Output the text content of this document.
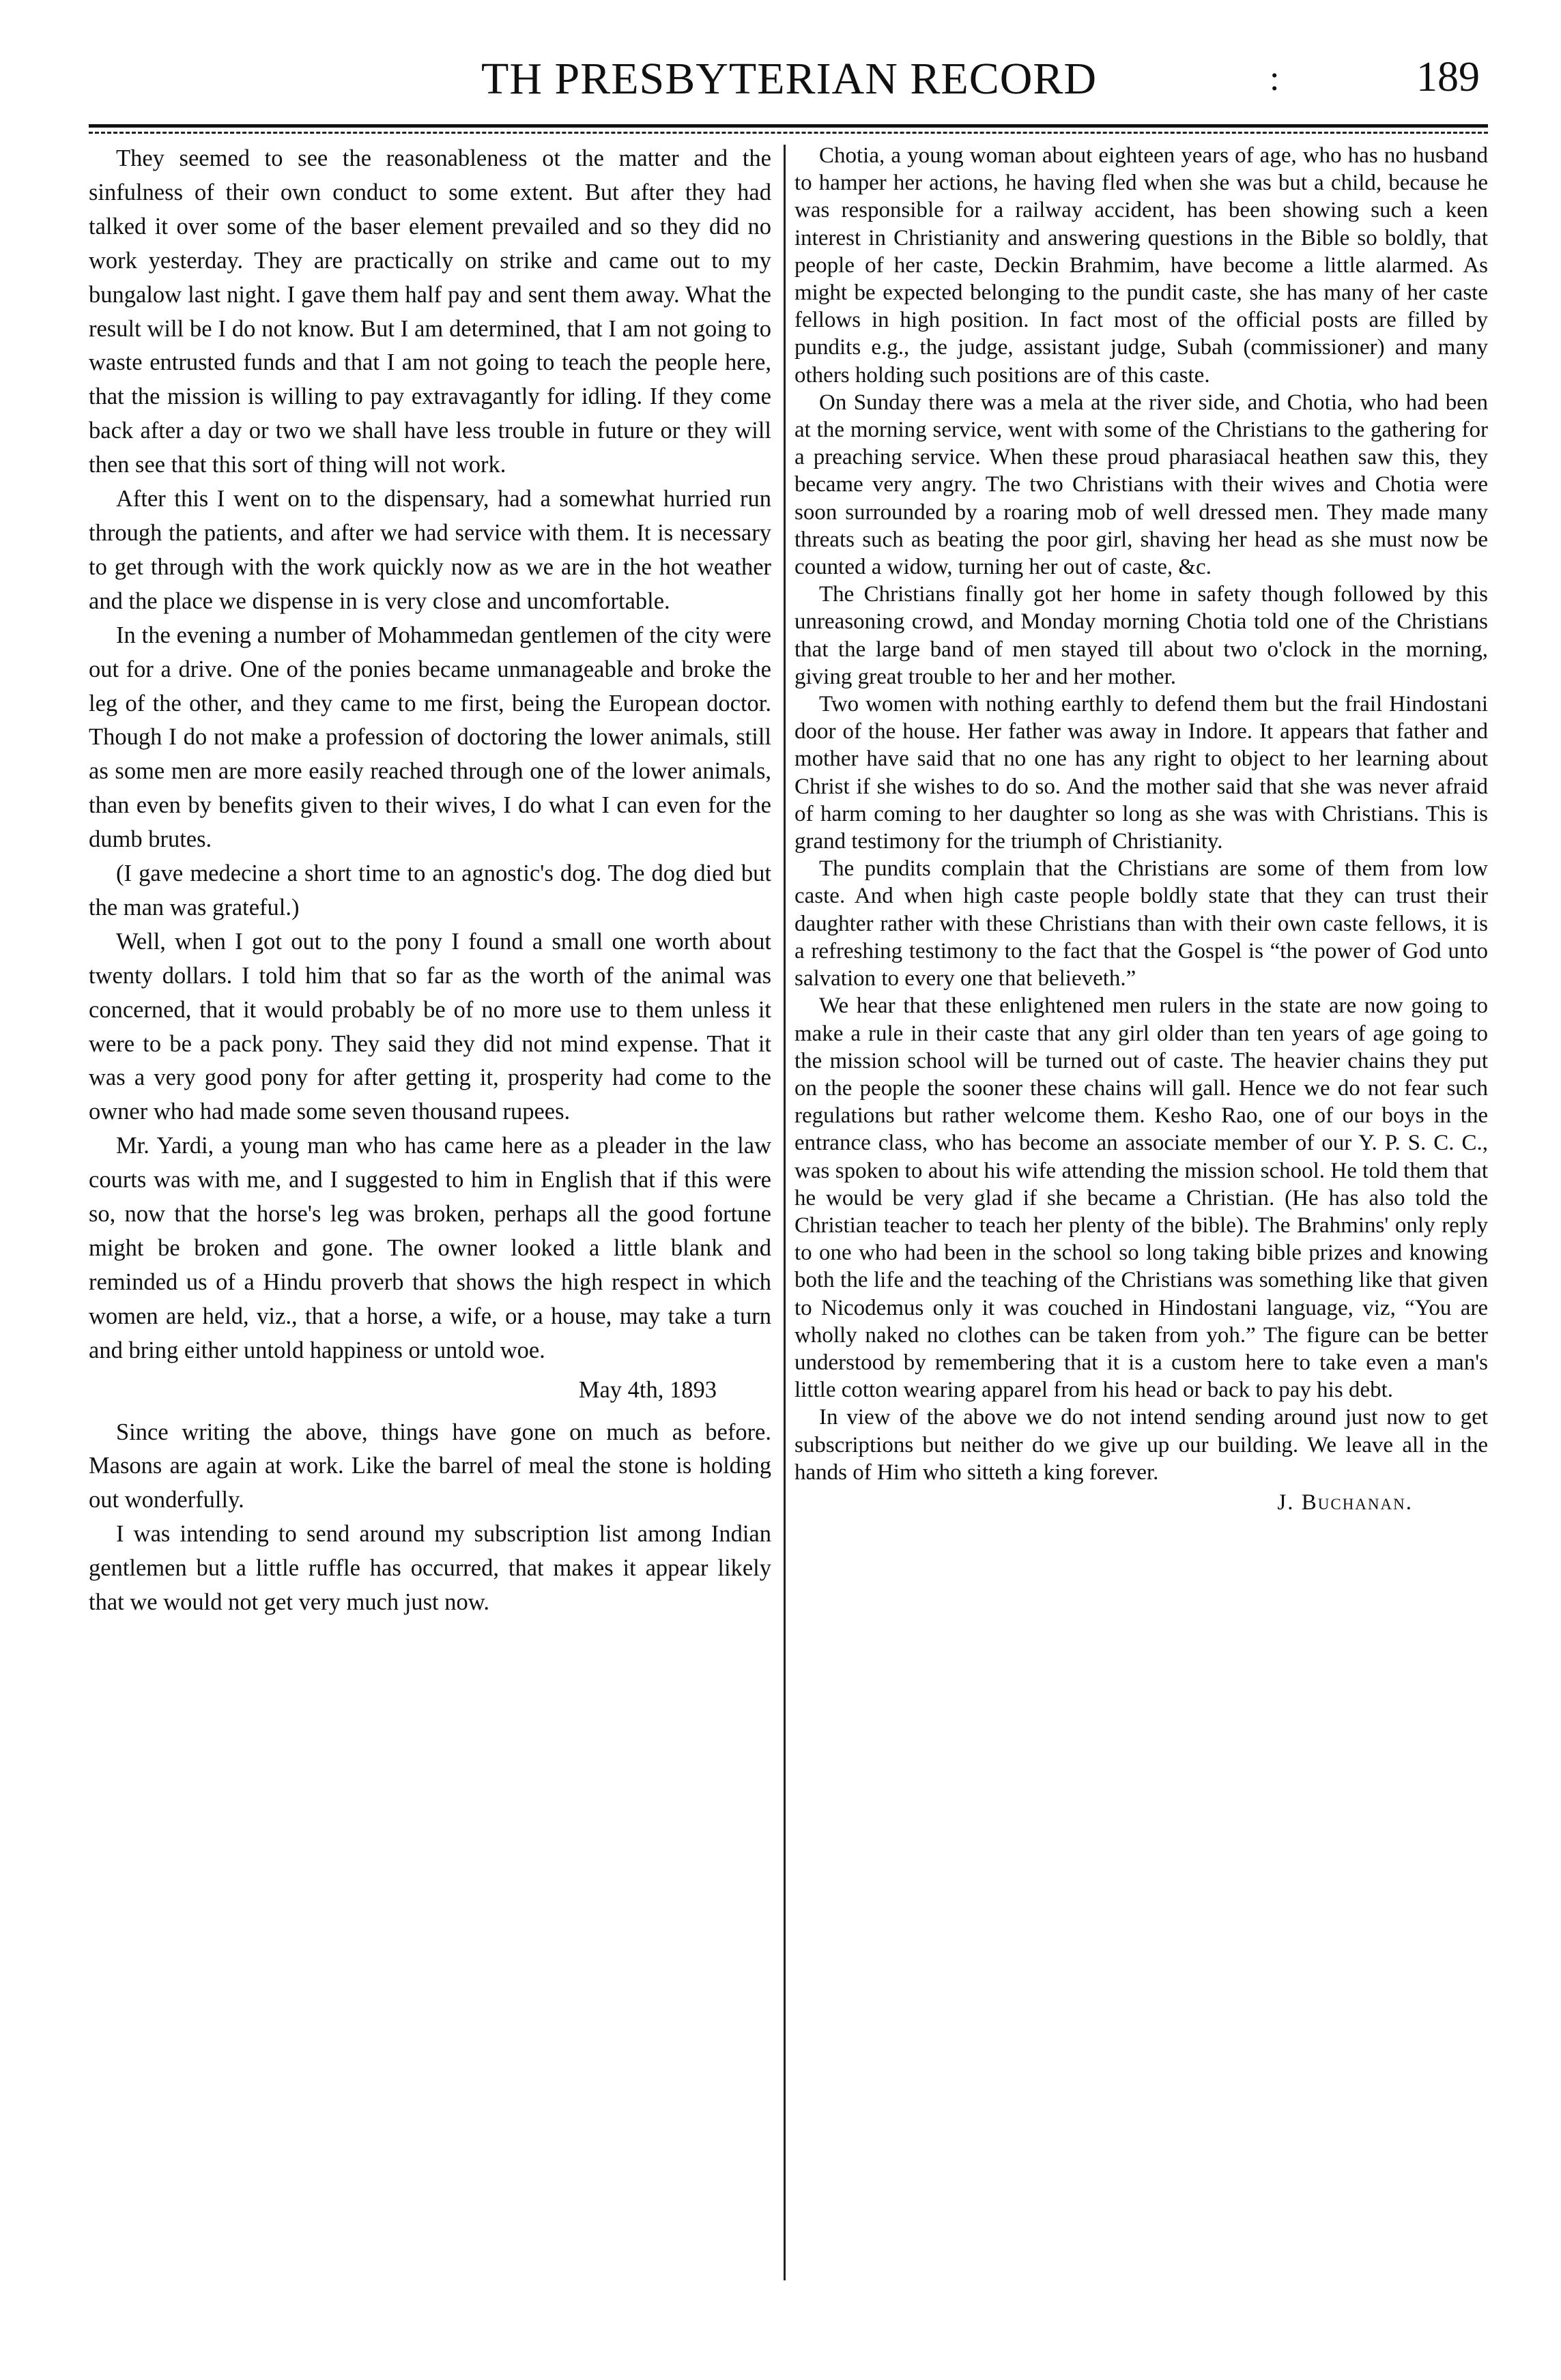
TH PRESBYTERIAN RECORD	:	189

They seemed to see the reasonableness ot the matter and the sinfulness of their own conduct to some extent. But after they had talked it over some of the baser element prevailed and so they did no work yesterday. They are practically on strike and came out to my bungalow last night. I gave them half pay and sent them away. What the result will be I do not know. But I am determined, that I am not going to waste entrusted funds and that I am not going to teach the people here, that the mission is willing to pay extravagantly for idling. If they come back after a day or two we shall have less trouble in future or they will then see that this sort of thing will not work.

After this I went on to the dispensary, had a somewhat hurried run through the patients, and after we had service with them. It is necessary to get through with the work quickly now as we are in the hot weather and the place we dispense in is very close and uncomfortable.

In the evening a number of Mohammedan gentlemen of the city were out for a drive. One of the ponies became unmanageable and broke the leg of the other, and they came to me first, being the European doctor. Though I do not make a profession of doctoring the lower animals, still as some men are more easily reached through one of the lower animals, than even by benefits given to their wives, I do what I can even for the dumb brutes.

(I gave medecine a short time to an agnostic's dog. The dog died but the man was grateful.)

Well, when I got out to the pony I found a small one worth about twenty dollars. I told him that so far as the worth of the animal was concerned, that it would probably be of no more use to them unless it were to be a pack pony. They said they did not mind expense. That it was a very good pony for after getting it, prosperity had come to the owner who had made some seven thousand rupees.

Mr. Yardi, a young man who has came here as a pleader in the law courts was with me, and I suggested to him in English that if this were so, now that the horse's leg was broken, perhaps all the good fortune might be broken and gone. The owner looked a little blank and reminded us of a Hindu proverb that shows the high respect in which women are held, viz., that a horse, a wife, or a house, may take a turn and bring either untold happiness or untold woe.

May 4th, 1893

Since writing the above, things have gone on much as before. Masons are again at work. Like the barrel of meal the stone is holding out wonderfully.

I was intending to send around my subscription list among Indian gentlemen but a little ruffle has occurred, that makes it appear likely that we would not get very much just now.

Chotia, a young woman about eighteen years of age, who has no husband to hamper her actions, he having fled when she was but a child, because he was responsible for a railway accident, has been showing such a keen interest in Christianity and answering questions in the Bible so boldly, that people of her caste, Deckin Brahmim, have become a little alarmed. As might be expected belonging to the pundit caste, she has many of her caste fellows in high position. In fact most of the official posts are filled by pundits e.g., the judge, assistant judge, Subah (commissioner) and many others holding such positions are of this caste.

On Sunday there was a mela at the river side, and Chotia, who had been at the morning service, went with some of the Christians to the gathering for a preaching service. When these proud pharasiacal heathen saw this, they became very angry. The two Christians with their wives and Chotia were soon surrounded by a roaring mob of well dressed men. They made many threats such as beating the poor girl, shaving her head as she must now be counted a widow, turning her out of caste, &c.

The Christians finally got her home in safety though followed by this unreasoning crowd, and Monday morning Chotia told one of the Christians that the large band of men stayed till about two o'clock in the morning, giving great trouble to her and her mother.

Two women with nothing earthly to defend them but the frail Hindostani door of the house. Her father was away in Indore. It appears that father and mother have said that no one has any right to object to her learning about Christ if she wishes to do so. And the mother said that she was never afraid of harm coming to her daughter so long as she was with Christians. This is grand testimony for the triumph of Christianity.

The pundits complain that the Christians are some of them from low caste. And when high caste people boldly state that they can trust their daughter rather with these Christians than with their own caste fellows, it is a refreshing testimony to the fact that the Gospel is “the power of God unto salvation to every one that believeth.”

We hear that these enlightened men rulers in the state are now going to make a rule in their caste that any girl older than ten years of age going to the mission school will be turned out of caste. The heavier chains they put on the people the sooner these chains will gall. Hence we do not fear such regulations but rather welcome them. Kesho Rao, one of our boys in the entrance class, who has become an associate member of our Y. P. S. C. C., was spoken to about his wife attending the mission school. He told them that he would be very glad if she became a Christian. (He has also told the Christian teacher to teach her plenty of the bible). The Brahmins' only reply to one who had been in the school so long taking bible prizes and knowing both the life and the teaching of the Christians was something like that given to Nicodemus only it was couched in Hindostani language, viz, “You are wholly naked no clothes can be taken from yoh.” The figure can be better understood by remembering that it is a custom here to take even a man's little cotton wearing apparel from his head or back to pay his debt.

In view of the above we do not intend sending around just now to get subscriptions but neither do we give up our building. We leave all in the hands of Him who sitteth a king forever.

J. Buchanan.
